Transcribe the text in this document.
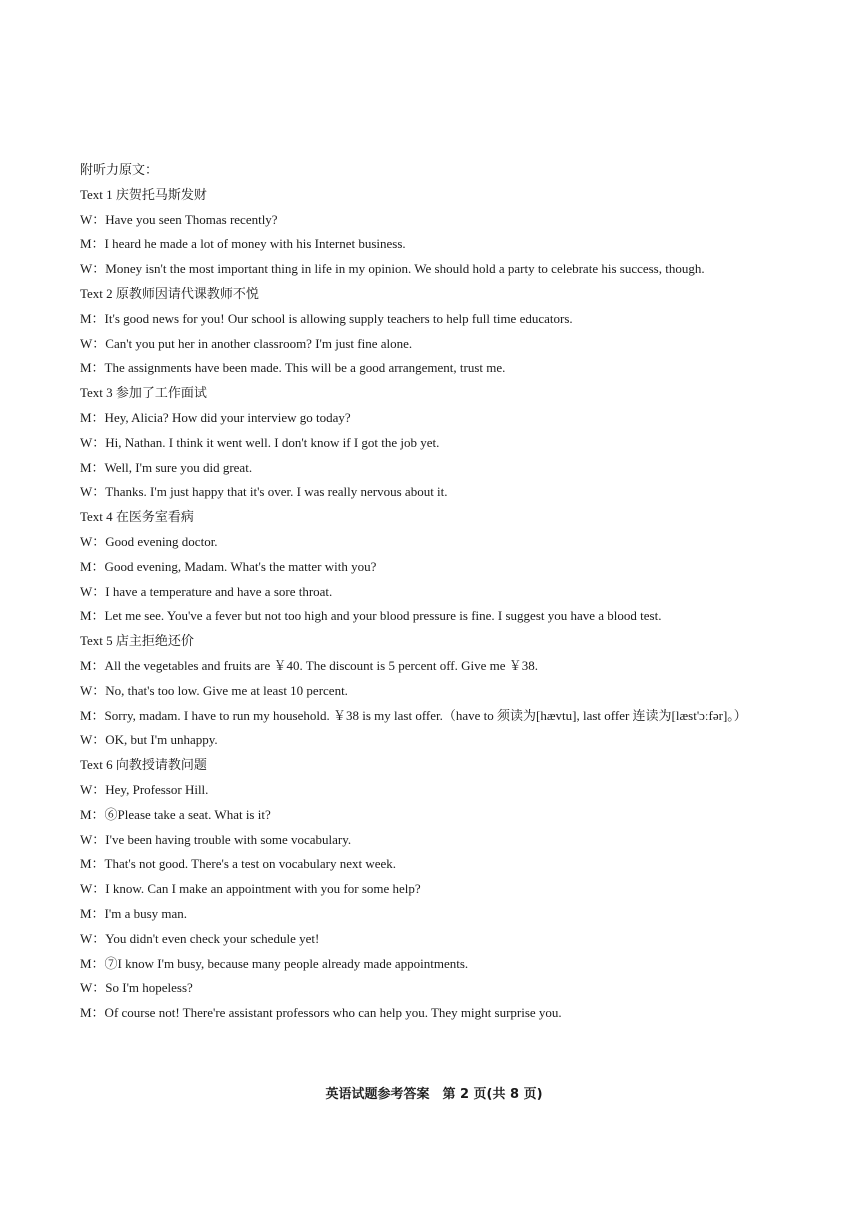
附听力原文：
Text 1 庆贺托马斯发财
W：Have you seen Thomas recently?
M：I heard he made a lot of money with his Internet business.
W：Money isn't the most important thing in life in my opinion. We should hold a party to celebrate his success, though.
Text 2 原教师因请代课教师不悦
M：It's good news for you! Our school is allowing supply teachers to help full time educators.
W：Can't you put her in another classroom? I'm just fine alone.
M：The assignments have been made. This will be a good arrangement, trust me.
Text 3 参加了工作面试
M：Hey, Alicia? How did your interview go today?
W：Hi, Nathan. I think it went well. I don't know if I got the job yet.
M：Well, I'm sure you did great.
W：Thanks. I'm just happy that it's over. I was really nervous about it.
Text 4 在医务室看病
W：Good evening doctor.
M：Good evening, Madam. What's the matter with you?
W：I have a temperature and have a sore throat.
M：Let me see. You've a fever but not too high and your blood pressure is fine. I suggest you have a blood test.
Text 5 店主拒绝还价
M：All the vegetables and fruits are ￥40. The discount is 5 percent off. Give me ￥38.
W：No, that's too low. Give me at least 10 percent.
M：Sorry, madam. I have to run my household. ￥38 is my last offer.（have to 须读为[hævtu], last offer 连读为[læst'ɔːfər]。）
W：OK, but I'm unhappy.
Text 6 向教授请教问题
W：Hey, Professor Hill.
M：⑥Please take a seat. What is it?
W：I've been having trouble with some vocabulary.
M：That's not good. There's a test on vocabulary next week.
W：I know. Can I make an appointment with you for some help?
M：I'm a busy man.
W：You didn't even check your schedule yet!
M：⑦I know I'm busy, because many people already made appointments.
W：So I'm hopeless?
M：Of course not! There're assistant professors who can help you. They might surprise you.
英语试题参考答案　第 2 页(共 8 页)
